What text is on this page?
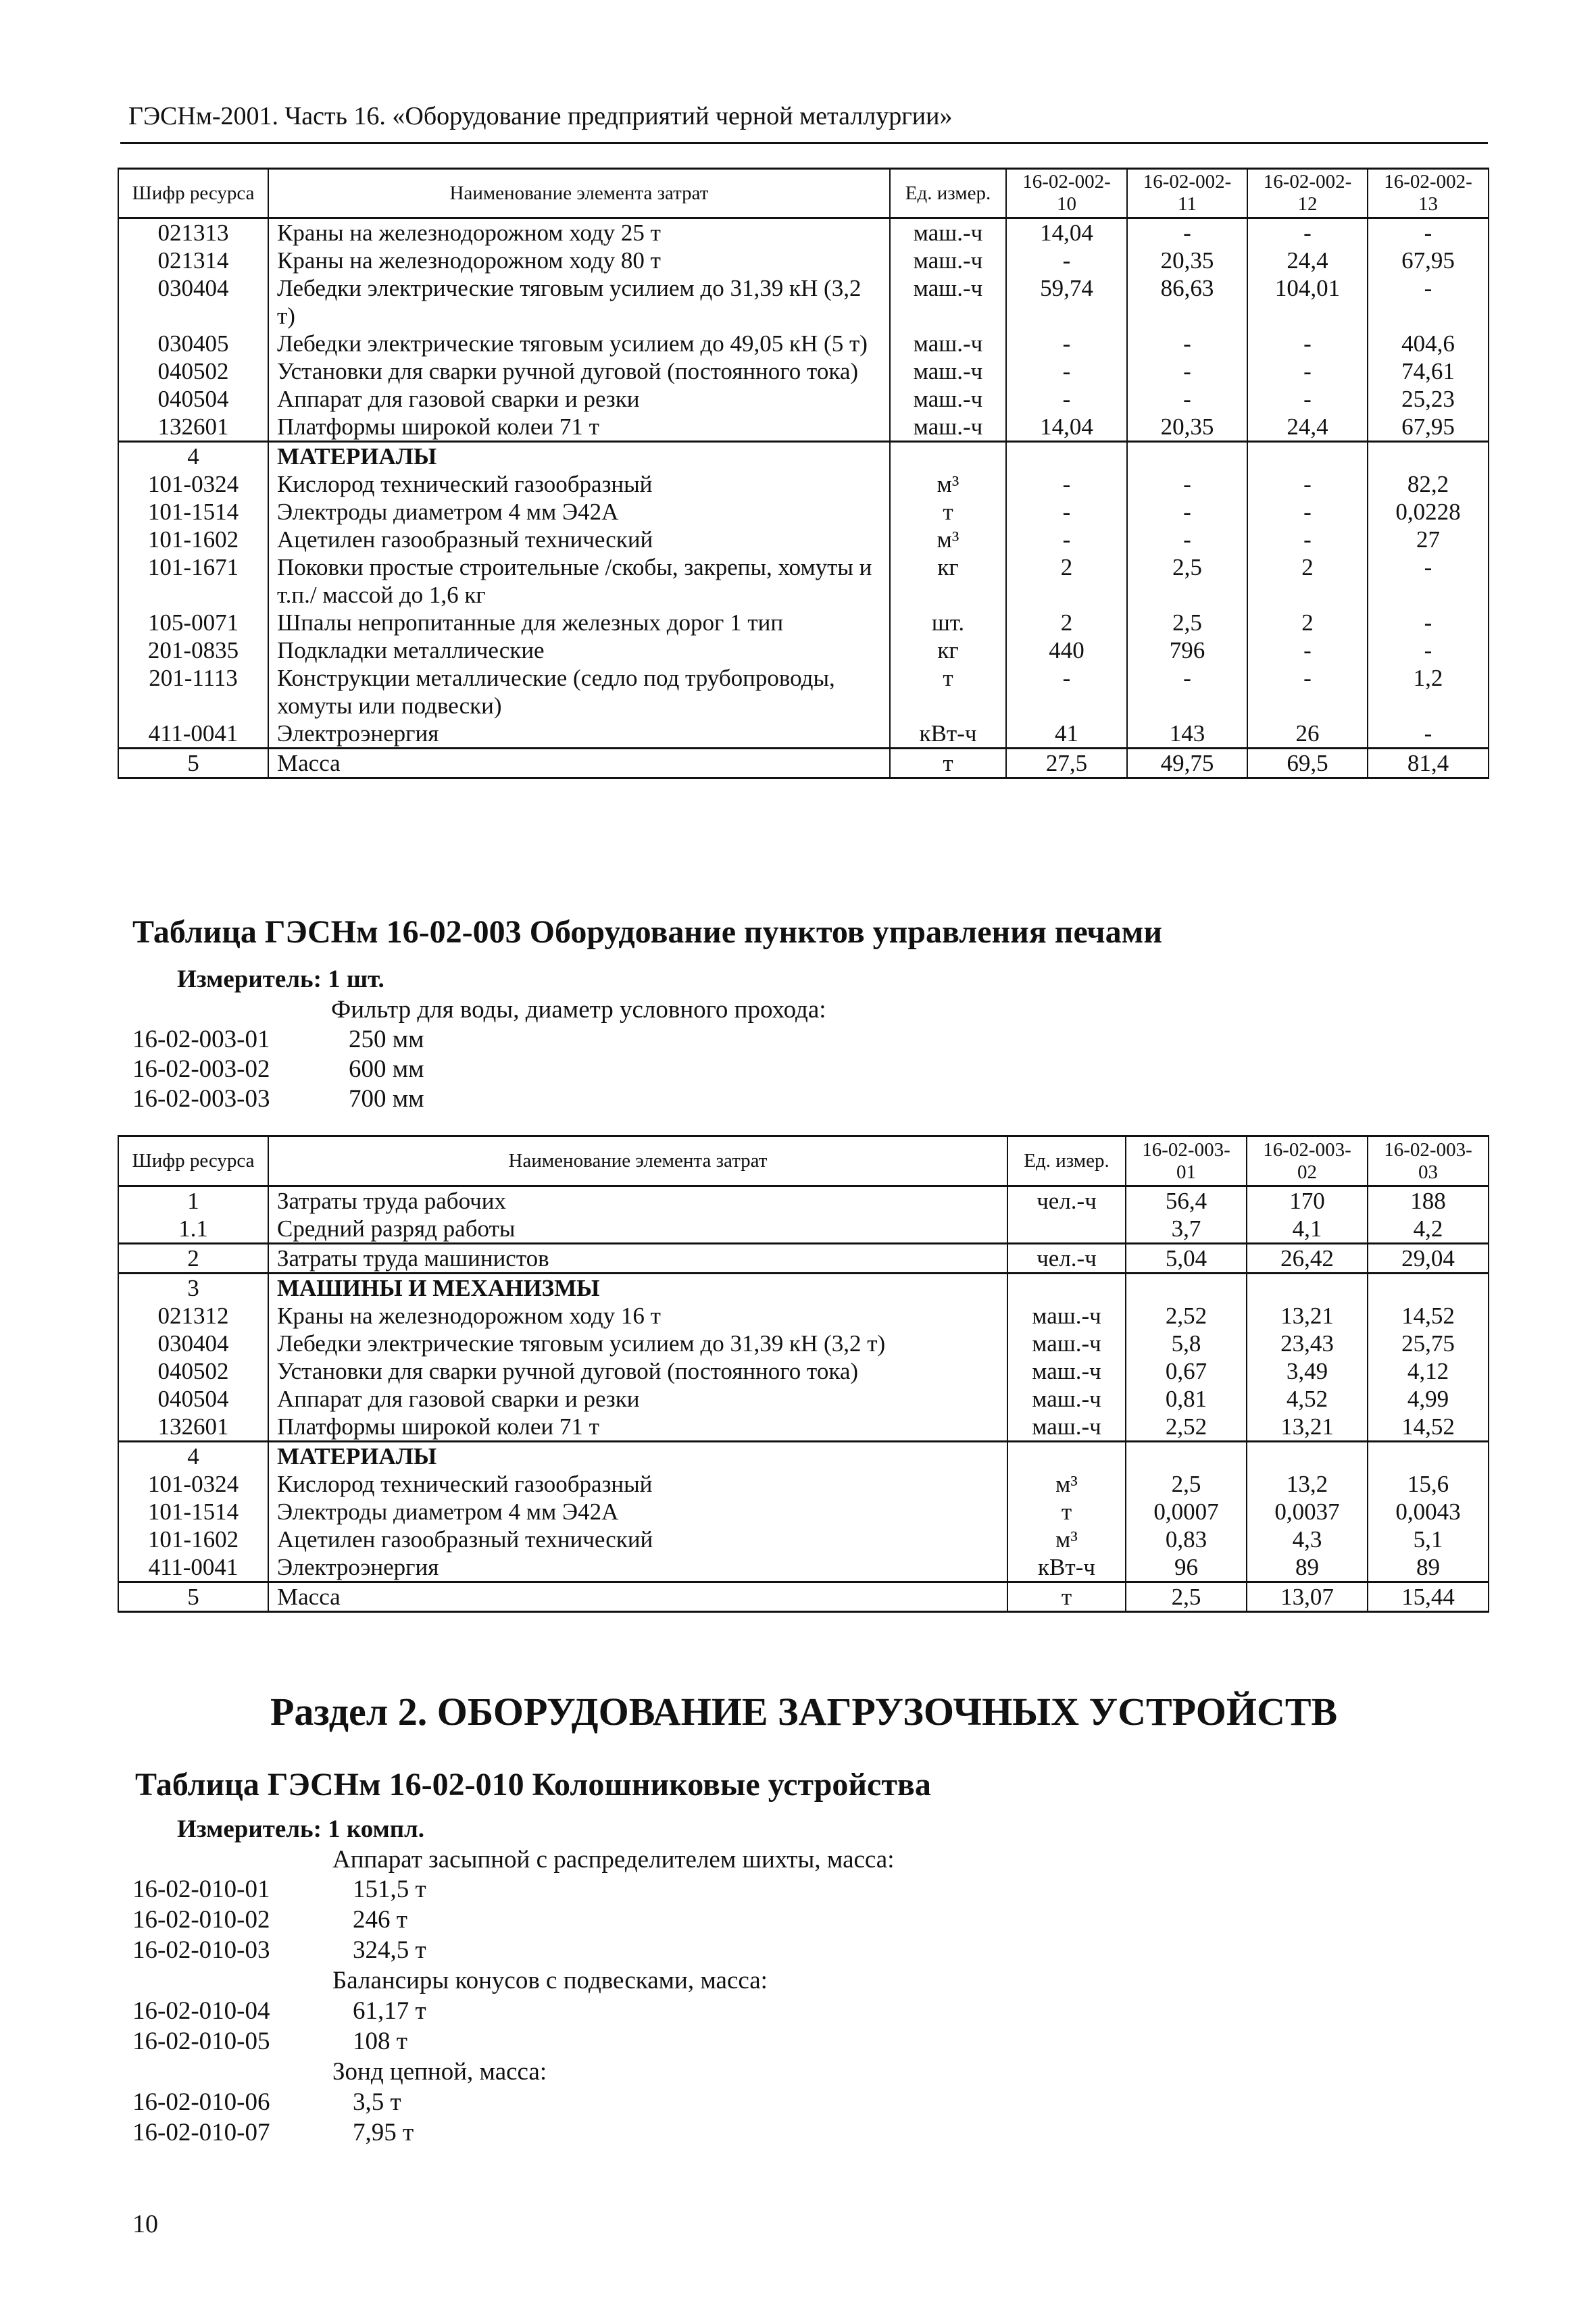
ГЭСНм-2001. Часть 16. «Оборудование предприятий черной металлургии»
Шифр ресурса	Наименование элемента затрат	Ед. измер.	16-02-002-10	16-02-002-11	16-02-002-12	16-02-002-13
021313	Краны на железнодорожном ходу 25 т	маш.-ч	14,04	-	-	-
021314	Краны на железнодорожном ходу 80 т	маш.-ч	-	20,35	24,4	67,95
030404	Лебедки электрические тяговым усилием до 31,39 кН (3,2 т)	маш.-ч	59,74	86,63	104,01	-
030405	Лебедки электрические тяговым усилием до 49,05 кН (5 т)	маш.-ч	-	-	-	404,6
040502	Установки для сварки ручной дуговой (постоянного тока)	маш.-ч	-	-	-	74,61
040504	Аппарат для газовой сварки и резки	маш.-ч	-	-	-	25,23
132601	Платформы широкой колеи 71 т	маш.-ч	14,04	20,35	24,4	67,95
4	МАТЕРИАЛЫ					
101-0324	Кислород технический газообразный	м³	-	-	-	82,2
101-1514	Электроды диаметром 4 мм Э42А	т	-	-	-	0,0228
101-1602	Ацетилен газообразный технический	м³	-	-	-	27
101-1671	Поковки простые строительные /скобы, закрепы, хомуты и т.п./ массой до 1,6 кг	кг	2	2,5	2	-
105-0071	Шпалы непропитанные для железных дорог 1 тип	шт.	2	2,5	2	-
201-0835	Подкладки металлические	кг	440	796	-	-
201-1113	Конструкции металлические (седло под трубопроводы, хомуты или подвески)	т	-	-	-	1,2
411-0041	Электроэнергия	кВт-ч	41	143	26	-
5	Масса	т	27,5	49,75	69,5	81,4
Таблица ГЭСНм 16-02-003 Оборудование пунктов управления печами
Измеритель: 1 шт.
Фильтр для воды, диаметр условного прохода:
16-02-003-01	250 мм
16-02-003-02	600 мм
16-02-003-03	700 мм
Шифр ресурса	Наименование элемента затрат	Ед. измер.	16-02-003-01	16-02-003-02	16-02-003-03
1	Затраты труда рабочих	чел.-ч	56,4	170	188
1.1	Средний разряд работы		3,7	4,1	4,2
2	Затраты труда машинистов	чел.-ч	5,04	26,42	29,04
3	МАШИНЫ И МЕХАНИЗМЫ				
021312	Краны на железнодорожном ходу 16 т	маш.-ч	2,52	13,21	14,52
030404	Лебедки электрические тяговым усилием до 31,39 кН (3,2 т)	маш.-ч	5,8	23,43	25,75
040502	Установки для сварки ручной дуговой (постоянного тока)	маш.-ч	0,67	3,49	4,12
040504	Аппарат для газовой сварки и резки	маш.-ч	0,81	4,52	4,99
132601	Платформы широкой колеи 71 т	маш.-ч	2,52	13,21	14,52
4	МАТЕРИАЛЫ				
101-0324	Кислород технический газообразный	м³	2,5	13,2	15,6
101-1514	Электроды диаметром 4 мм Э42А	т	0,0007	0,0037	0,0043
101-1602	Ацетилен газообразный технический	м³	0,83	4,3	5,1
411-0041	Электроэнергия	кВт-ч	96	89	89
5	Масса	т	2,5	13,07	15,44
Раздел 2. ОБОРУДОВАНИЕ ЗАГРУЗОЧНЫХ УСТРОЙСТВ
Таблица ГЭСНм 16-02-010 Колошниковые устройства
Измеритель: 1 компл.
Аппарат засыпной с распределителем шихты, масса:
16-02-010-01	151,5 т
16-02-010-02	246 т
16-02-010-03	324,5 т
Балансиры конусов с подвесками, масса:
16-02-010-04	61,17 т
16-02-010-05	108 т
Зонд цепной, масса:
16-02-010-06	3,5 т
16-02-010-07	7,95 т
10
